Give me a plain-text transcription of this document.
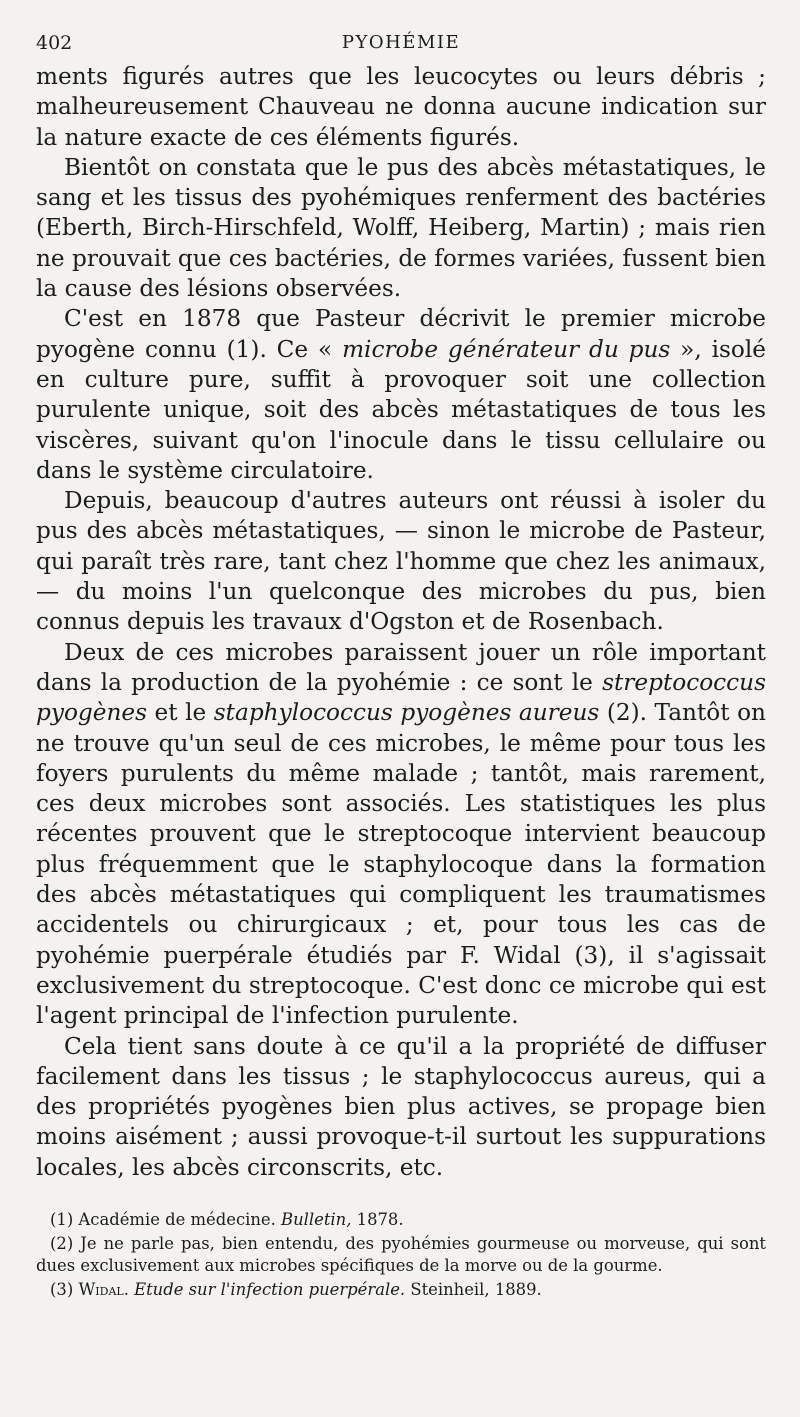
402	PYOHÉMIE

ments figurés autres que les leucocytes ou leurs débris ; malheureusement Chauveau ne donna aucune indication sur la nature exacte de ces éléments figurés.

Bientôt on constata que le pus des abcès métastatiques, le sang et les tissus des pyohémiques renferment des bactéries (Eberth, Birch-Hirschfeld, Wolff, Heiberg, Martin) ; mais rien ne prouvait que ces bactéries, de formes variées, fussent bien la cause des lésions observées.

C'est en 1878 que Pasteur décrivit le premier microbe pyogène connu (1). Ce « microbe générateur du pus », isolé en culture pure, suffit à provoquer soit une collection purulente unique, soit des abcès métastatiques de tous les viscères, suivant qu'on l'inocule dans le tissu cellulaire ou dans le système circulatoire.

Depuis, beaucoup d'autres auteurs ont réussi à isoler du pus des abcès métastatiques, — sinon le microbe de Pasteur, qui paraît très rare, tant chez l'homme que chez les animaux, — du moins l'un quelconque des microbes du pus, bien connus depuis les travaux d'Ogston et de Rosenbach.

Deux de ces microbes paraissent jouer un rôle important dans la production de la pyohémie : ce sont le streptococcus pyogènes et le staphylococcus pyogènes aureus (2). Tantôt on ne trouve qu'un seul de ces microbes, le même pour tous les foyers purulents du même malade ; tantôt, mais rarement, ces deux microbes sont associés. Les statistiques les plus récentes prouvent que le streptocoque intervient beaucoup plus fréquemment que le staphylocoque dans la formation des abcès métastatiques qui compliquent les traumatismes accidentels ou chirurgicaux ; et, pour tous les cas de pyohémie puerpérale étudiés par F. Widal (3), il s'agissait exclusivement du streptocoque. C'est donc ce microbe qui est l'agent principal de l'infection purulente.

Cela tient sans doute à ce qu'il a la propriété de diffuser facilement dans les tissus ; le staphylococcus aureus, qui a des propriétés pyogènes bien plus actives, se propage bien moins aisément ; aussi provoque-t-il surtout les suppurations locales, les abcès circonscrits, etc.

(1) Académie de médecine. Bulletin, 1878.

(2) Je ne parle pas, bien entendu, des pyohémies gourmeuse ou morveuse, qui sont dues exclusivement aux microbes spécifiques de la morve ou de la gourme.

(3) Widal. Etude sur l'infection puerpérale. Steinheil, 1889.
